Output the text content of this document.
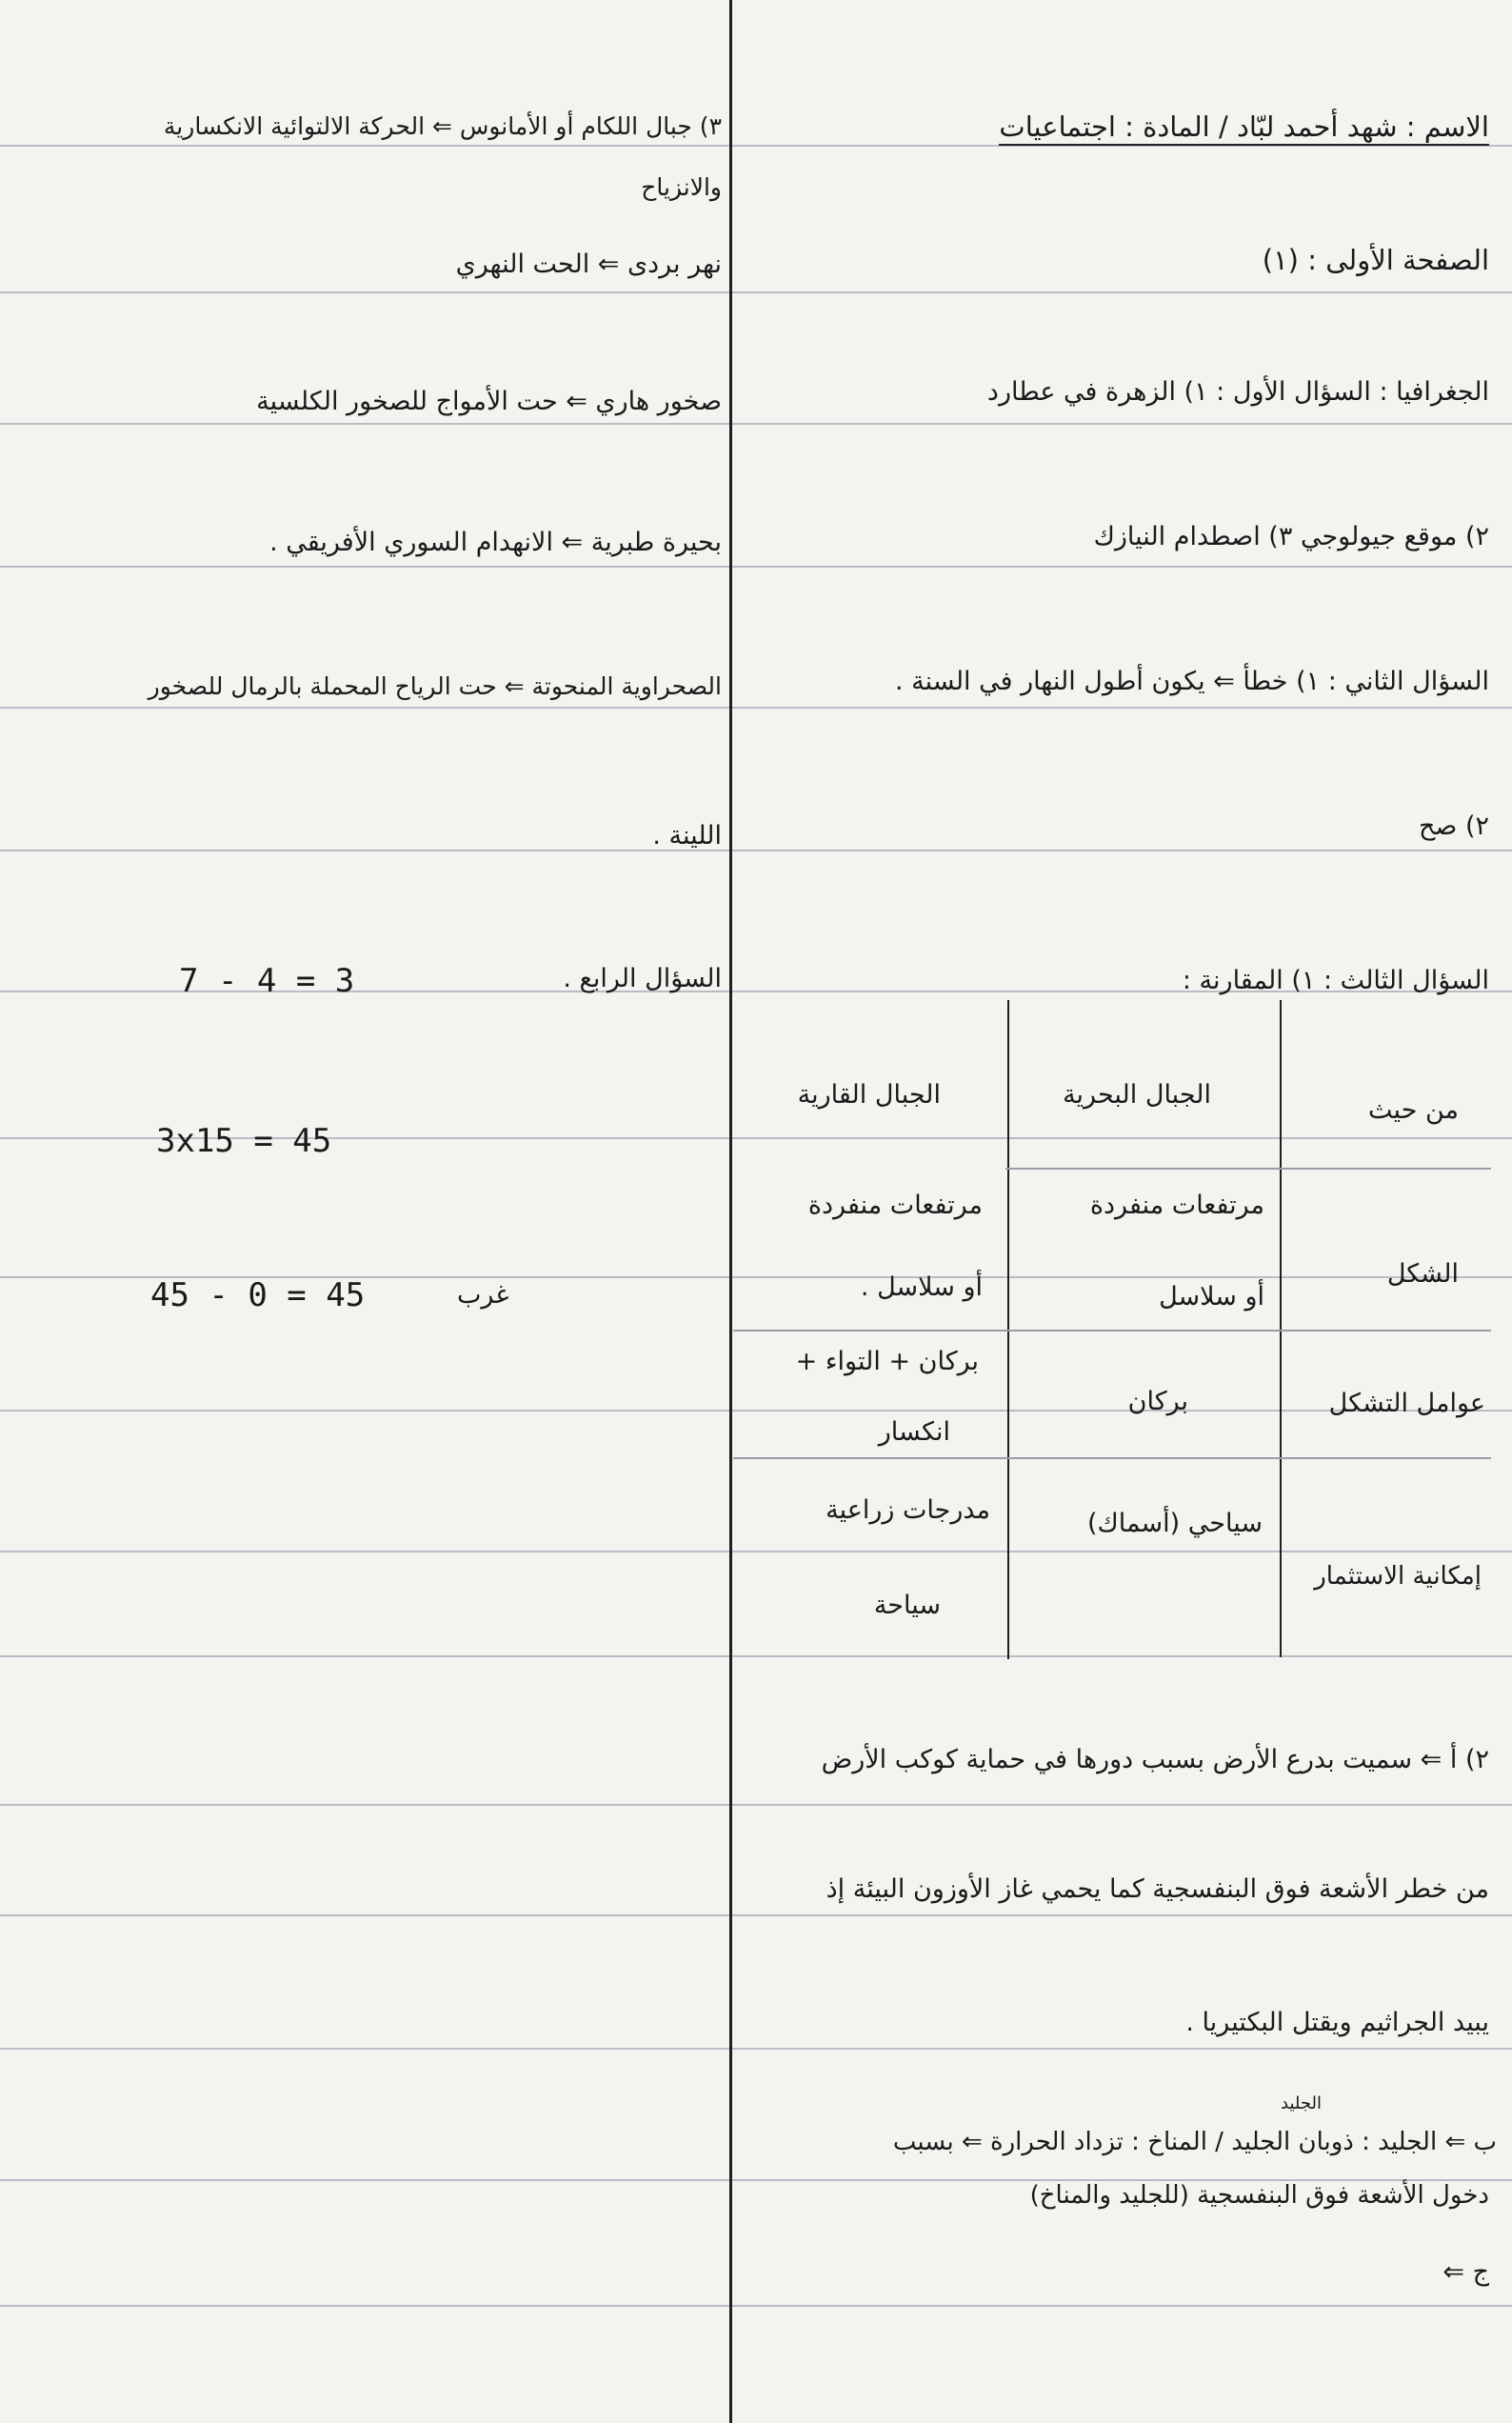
الاسم : شهد أحمد لبّاد / المادة : اجتماعيات
الصفحة الأولى : (١)
الجغرافيا : السؤال الأول : ١) الزهرة في عطارد
٢) موقع جيولوجي ٣) اصطدام النيازك
السؤال الثاني : ١) خطأ ⇐ يكون أطول النهار في السنة .
٢) صح
السؤال الثالث : ١) المقارنة :
من حيث
الجبال البحرية
الجبال القارية
الشكل
مرتفعات منفردة
أو سلاسل
مرتفعات منفردة
أو سلاسل .
عوامل التشكل
بركان
بركان + التواء +
انكسار
إمكانية الاستثمار
سياحي (أسماك)
مدرجات زراعية
سياحة
٢) أ ⇐ سميت بدرع الأرض بسبب دورها في حماية كوكب الأرض
من خطر الأشعة فوق البنفسجية كما يحمي غاز الأوزون البيئة إذ
يبيد الجراثيم ويقتل البكتيريا .
الجليد
ب ⇐ الجليد : ذوبان الجليد / المناخ : تزداد الحرارة ⇐ بسبب
دخول الأشعة فوق البنفسجية (للجليد والمناخ)
ج ⇐
٣) جبال اللكام أو الأمانوس ⇐ الحركة الالتوائية الانكسارية
والانزياح
نهر بردى ⇐ الحت النهري
صخور هاري ⇐ حت الأمواج للصخور الكلسية
بحيرة طبرية ⇐ الانهدام السوري الأفريقي .
الصحراوية المنحوتة ⇐ حت الرياح المحملة بالرمال للصخور
اللينة .
السؤال الرابع .
7 - 4 = 3
3x15 = 45
45 - 0 = 45	غرب
